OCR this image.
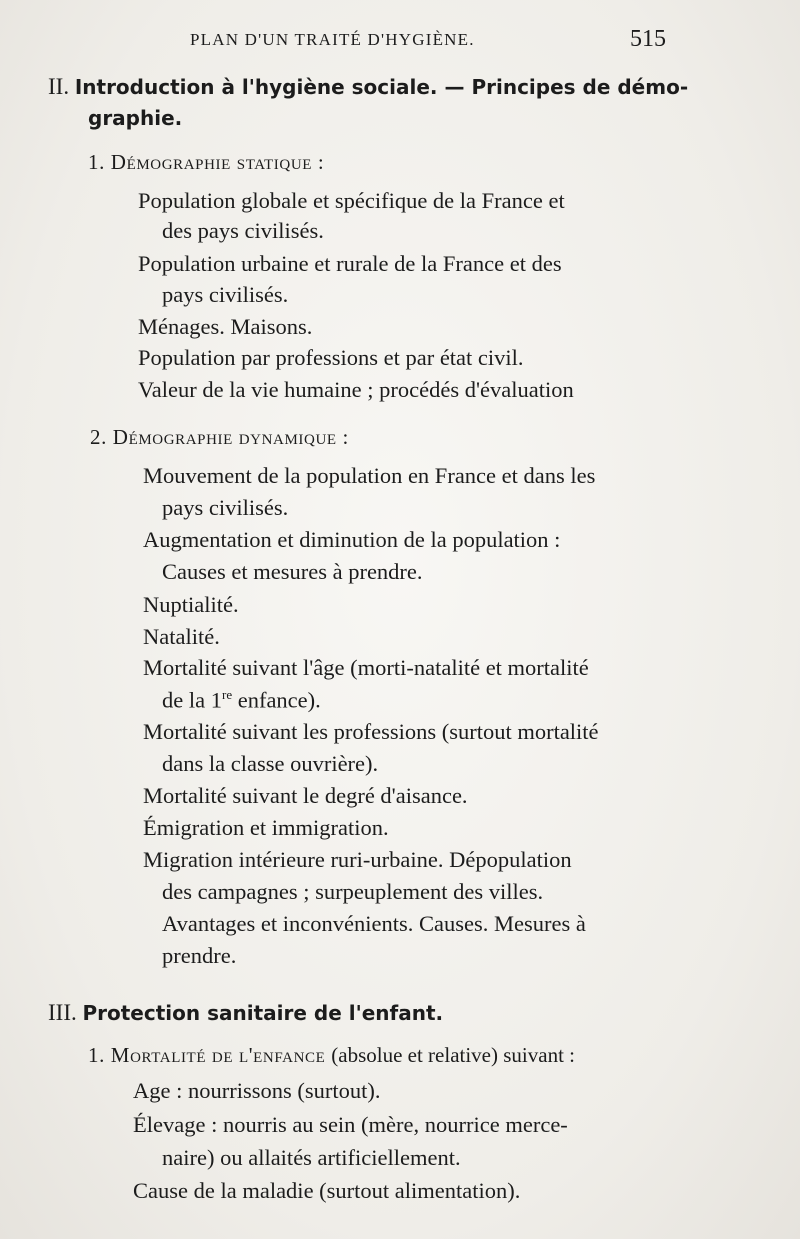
PLAN D'UN TRAITÉ D'HYGIÈNE.	515
II. Introduction à l'hygiène sociale. — Principes de démo-
graphie.
1. Démographie statique :
Population globale et spécifique de la France et
des pays civilisés.
Population urbaine et rurale de la France et des
pays civilisés.
Ménages. Maisons.
Population par professions et par état civil.
Valeur de la vie humaine ; procédés d'évaluation
2. Démographie dynamique :
Mouvement de la population en France et dans les
pays civilisés.
Augmentation et diminution de la population :
Causes et mesures à prendre.
Nuptialité.
Natalité.
Mortalité suivant l'âge (morti-natalité et mortalité
de la 1re enfance).
Mortalité suivant les professions (surtout mortalité
dans la classe ouvrière).
Mortalité suivant le degré d'aisance.
Émigration et immigration.
Migration intérieure ruri-urbaine. Dépopulation
des campagnes ; surpeuplement des villes.
Avantages et inconvénients. Causes. Mesures à
prendre.
III. Protection sanitaire de l'enfant.
1. Mortalité de l'enfance (absolue et relative) suivant :
Age : nourrissons (surtout).
Élevage : nourris au sein (mère, nourrice merce-
naire) ou allaités artificiellement.
Cause de la maladie (surtout alimentation).
